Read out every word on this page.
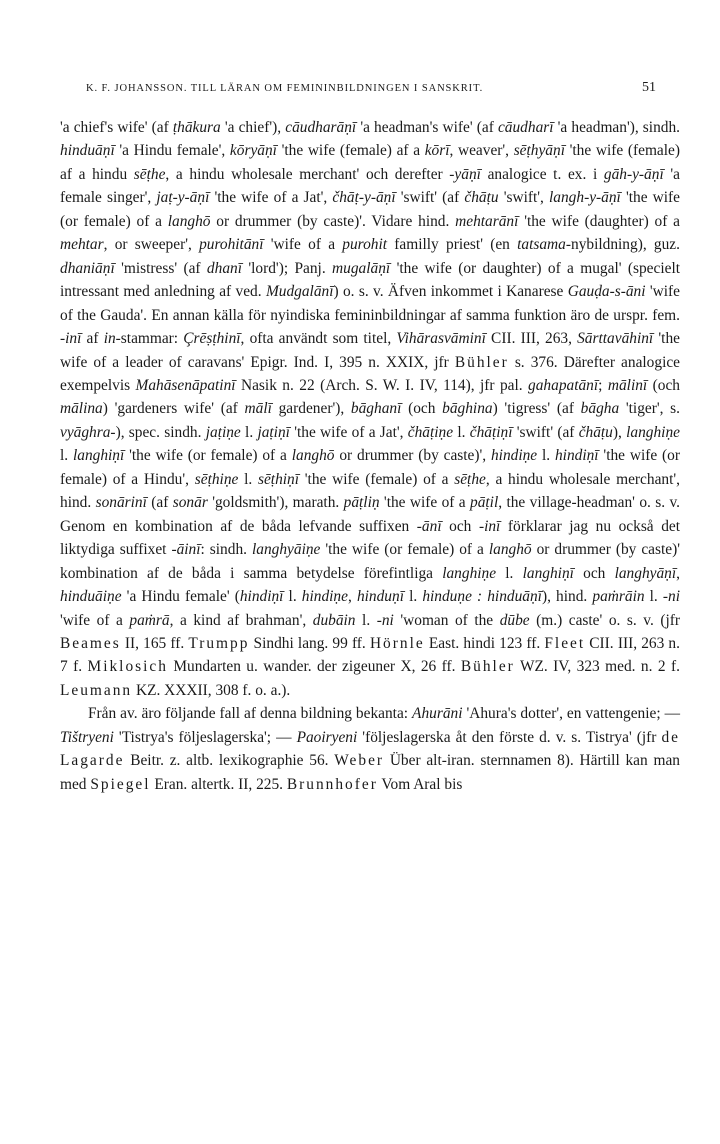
K. F. JOHANSSON. TILL LÄRAN OM FEMININBILDNINGEN I SANSKRIT.	51

'a chief's wife' (af ṭhākura 'a chief'), cāudharāṇī 'a headman's wife' (af cāudharī 'a headman'), sindh. hinduāṇī 'a Hindu female', kōryāṇī 'the wife (female) af a kōrī, weaver', sēṭhyāṇī 'the wife (female) af a hindu sēṭhe, a hindu wholesale merchant' och derefter -yāṇī analogice t. ex. i gāh-y-āṇī 'a female singer', jaṭ-y-āṇī 'the wife of a Jat', čhāṭ-y-āṇī 'swift' (af čhāṭu 'swift', langh-y-āṇī 'the wife (or female) of a langhō or drummer (by caste)'. Vidare hind. mehtarānī 'the wife (daughter) of a mehtar, or sweeper', purohitānī 'wife of a purohit familly priest' (en tatsama-nybildning), guz. dhaniāṇī 'mistress' (af dhanī 'lord'); Panj. mugalāṇī 'the wife (or daughter) of a mugal' (specielt intressant med anledning af ved. Mudgalānī) o. s. v. Äfven inkommet i Kanarese Gauḍa-s-āni 'wife of the Gauda'. En annan källa för nyindiska femininbildningar af samma funktion äro de urspr. fem. -inī af in-stammar: Çrēṣṭhinī, ofta användt som titel, Vihārasvāminī CII. III, 263, Sārttavāhinī 'the wife of a leader of caravans' Epigr. Ind. I, 395 n. XXIX, jfr Bühler s. 376. Därefter analogice exempelvis Mahāsenāpatinī Nasik n. 22 (Arch. S. W. I. IV, 114), jfr pal. gahapatānī; mālinī (och mālina) 'gardeners wife' (af mālī gardener'), bāghanī (och bāghina) 'tigress' (af bāgha 'tiger', s. vyāghra-), spec. sindh. jaṭiṇe l. jaṭiṇī 'the wife of a Jat', čhāṭiṇe l. čhāṭiṇī 'swift' (af čhāṭu), langhiṇe l. langhiṇī 'the wife (or female) of a langhō or drummer (by caste)', hindiṇe l. hindiṇī 'the wife (or female) of a Hindu', sēṭhiṇe l. sēṭhiṇī 'the wife (female) of a sēṭhe, a hindu wholesale merchant', hind. sonārinī (af sonār 'goldsmith'), marath. pāṭliṇ 'the wife of a pāṭil, the village-headman' o. s. v. Genom en kombination af de båda lefvande suffixen -ānī och -inī förklarar jag nu också det liktydiga suffixet -āinī: sindh. langhyāiṇe 'the wife (or female) of a langhō or drummer (by caste)' kombination af de båda i samma betydelse förefintliga langhiṇe l. langhiṇī och langhyāṇī, hinduāiṇe 'a Hindu female' (hindiṇī l. hindiṇe, hinduṇī l. hinduṇe : hinduāṇī), hind. paṁrāin l. -ni 'wife of a paṁrā, a kind af brahman', dubāin l. -ni 'woman of the dūbe (m.) caste' o. s. v. (jfr Beames II, 165 ff. Trumpp Sindhi lang. 99 ff. Hörnle East. hindi 123 ff. Fleet CII. III, 263 n. 7 f. Miklosich Mundarten u. wander. der zigeuner X, 26 ff. Bühler WZ. IV, 323 med. n. 2 f. Leumann KZ. XXXII, 308 f. o. a.).

Från av. äro följande fall af denna bildning bekanta: Ahurāni 'Ahura's dotter', en vattengenie; — Tištryeni 'Tistrya's följeslagerska'; — Paoiryeni 'följeslagerska åt den förste d. v. s. Tistrya' (jfr de Lagarde Beitr. z. altb. lexikographie 56. Weber Über alt-iran. sternnamen 8). Härtill kan man med Spiegel Eran. altertk. II, 225. Brunnhofer Vom Aral bis
